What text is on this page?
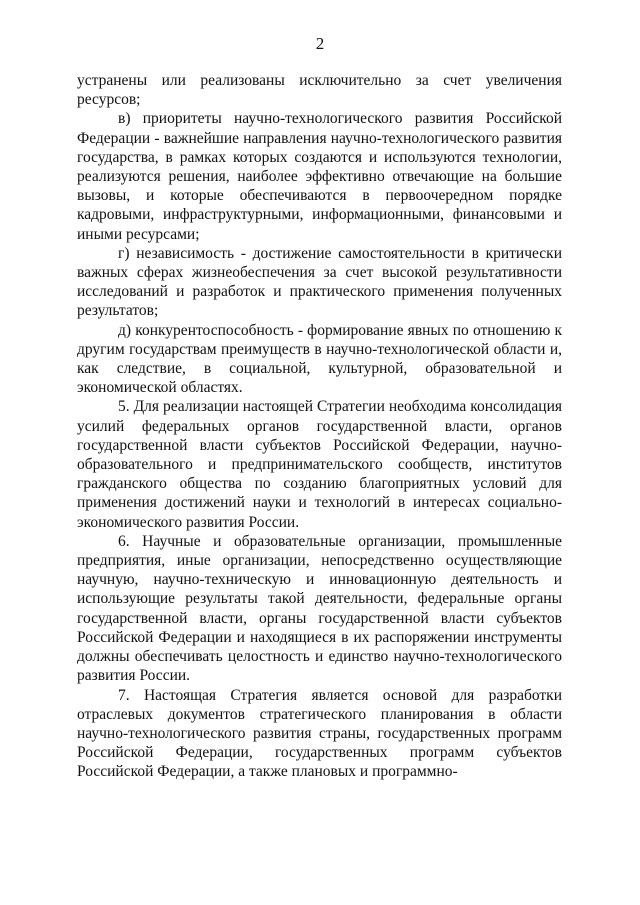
2

устранены или реализованы исключительно за счет увеличения ресурсов;

в) приоритеты научно-технологического развития Российской Федерации - важнейшие направления научно-технологического развития государства, в рамках которых создаются и используются технологии, реализуются решения, наиболее эффективно отвечающие на большие вызовы, и которые обеспечиваются в первоочередном порядке кадровыми, инфраструктурными, информационными, финансовыми и иными ресурсами;

г) независимость - достижение самостоятельности в критически важных сферах жизнеобеспечения за счет высокой результативности исследований и разработок и практического применения полученных результатов;

д) конкурентоспособность - формирование явных по отношению к другим государствам преимуществ в научно-технологической области и, как следствие, в социальной, культурной, образовательной и экономической областях.

5. Для реализации настоящей Стратегии необходима консолидация усилий федеральных органов государственной власти, органов государственной власти субъектов Российской Федерации, научно-образовательного и предпринимательского сообществ, институтов гражданского общества по созданию благоприятных условий для применения достижений науки и технологий в интересах социально-экономического развития России.

6. Научные и образовательные организации, промышленные предприятия, иные организации, непосредственно осуществляющие научную, научно-техническую и инновационную деятельность и использующие результаты такой деятельности, федеральные органы государственной власти, органы государственной власти субъектов Российской Федерации и находящиеся в их распоряжении инструменты должны обеспечивать целостность и единство научно-технологического развития России.

7. Настоящая Стратегия является основой для разработки отраслевых документов стратегического планирования в области научно-технологического развития страны, государственных программ Российской Федерации, государственных программ субъектов Российской Федерации, а также плановых и программно-
